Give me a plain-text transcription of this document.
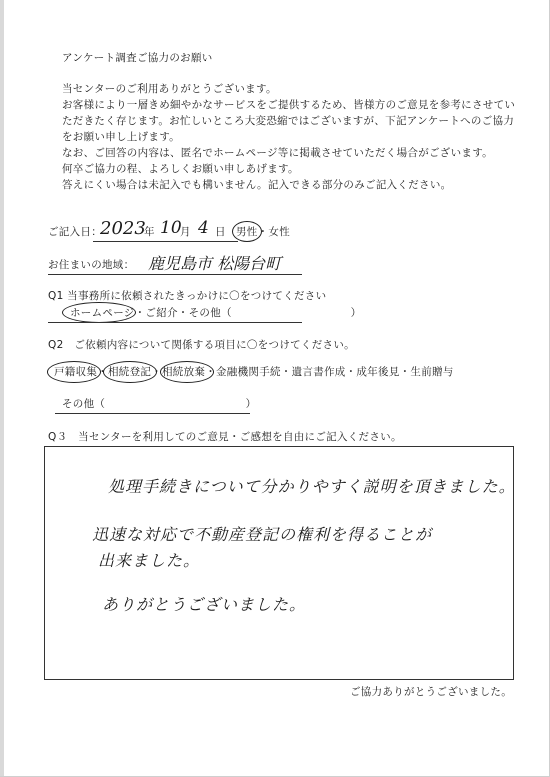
アンケート調査ご協力のお願い
当センターのご利用ありがとうございます。
お客様により一層きめ細やかなサービスをご提供するため、皆様方のご意見を参考にさせてい
ただきたく存じます。お忙しいところ大変恐縮ではございますが、下記アンケートへのご協力
をお願い申し上げます。
なお、ご回答の内容は、匿名でホームページ等に掲載させていただく場合がございます。
何卒ご協力の程、よろしくお願い申しあげます。
答えにくい場合は未記入でも構いません。記入できる部分のみご記入ください。
ご記入日：
2023
年 10
月 4 日 男性・女性
お住まいの地域： 鹿児島市 松陽台町
Q1 当事務所に依頼されたきっかけに〇をつけてください
ホームページ・ご紹介・その他（　　　　　　　　　　　）
Q2　ご依頼内容について関係する項目に〇をつけてください。
戸籍収集・相続登記・相続放棄・金融機関手続・遺言書作成・成年後見・生前贈与
その他（　　　　　　　　　　　　　）
Q３　当センターを利用してのご意見・ご感想を自由にご記入ください。
処理手続きについて分かりやすく説明を頂きました。
迅速な対応で不動産登記の権利を得ることが
出来ました。
ありがとうございました。
ご協力ありがとうございました。
